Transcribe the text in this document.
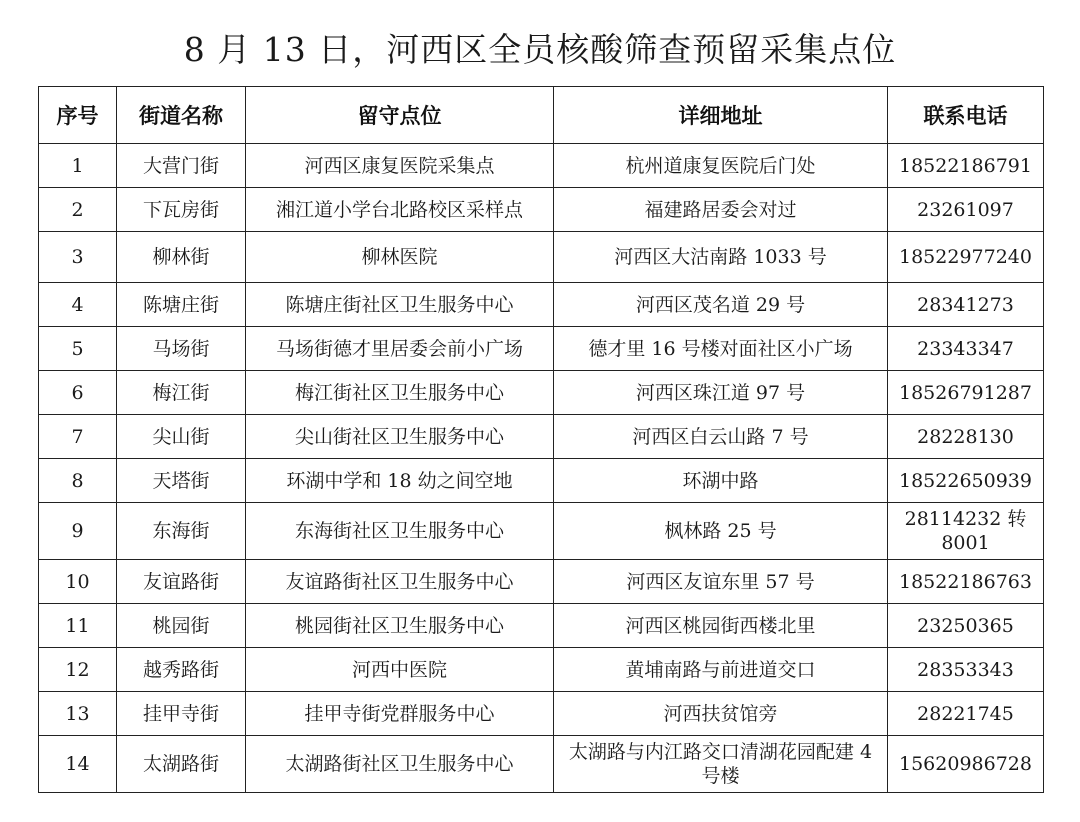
8 月 13 日，河西区全员核酸筛查预留采集点位
序号	街道名称	留守点位	详细地址	联系电话
1	大营门街	河西区康复医院采集点	杭州道康复医院后门处	18522186791
2	下瓦房街	湘江道小学台北路校区采样点	福建路居委会对过	23261097
3	柳林街	柳林医院	河西区大沽南路 1033 号	18522977240
4	陈塘庄街	陈塘庄街社区卫生服务中心	河西区茂名道 29 号	28341273
5	马场街	马场街德才里居委会前小广场	德才里 16 号楼对面社区小广场	23343347
6	梅江街	梅江街社区卫生服务中心	河西区珠江道 97 号	18526791287
7	尖山街	尖山街社区卫生服务中心	河西区白云山路 7 号	28228130
8	天塔街	环湖中学和 18 幼之间空地	环湖中路	18522650939
9	东海街	东海街社区卫生服务中心	枫林路 25 号	28114232 转 8001
10	友谊路街	友谊路街社区卫生服务中心	河西区友谊东里 57 号	18522186763
11	桃园街	桃园街社区卫生服务中心	河西区桃园街西楼北里	23250365
12	越秀路街	河西中医院	黄埔南路与前进道交口	28353343
13	挂甲寺街	挂甲寺街党群服务中心	河西扶贫馆旁	28221745
14	太湖路街	太湖路街社区卫生服务中心	太湖路与内江路交口清湖花园配建 4 号楼	15620986728
